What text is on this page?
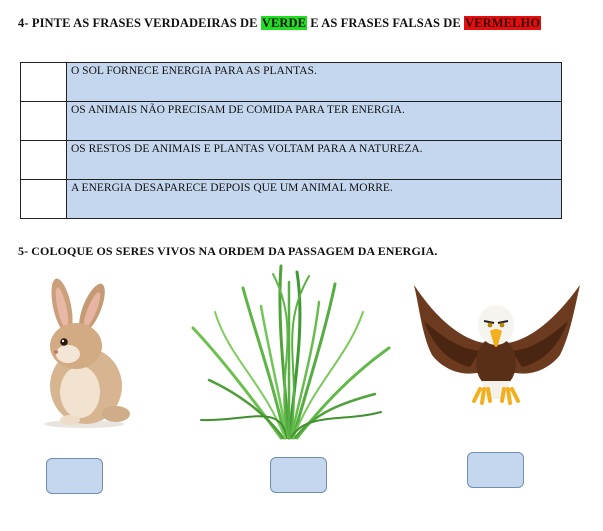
4- PINTE AS FRASES VERDADEIRAS DE VERDE E AS FRASES FALSAS DE VERMELHO
	O SOL FORNECE ENERGIA PARA AS PLANTAS.
	OS ANIMAIS NÃO PRECISAM DE COMIDA PARA TER ENERGIA.
	OS RESTOS DE ANIMAIS E PLANTAS VOLTAM PARA A NATUREZA.
	A ENERGIA DESAPARECE DEPOIS QUE UM ANIMAL MORRE.
5- COLOQUE OS SERES VIVOS NA ORDEM DA PASSAGEM DA ENERGIA.
